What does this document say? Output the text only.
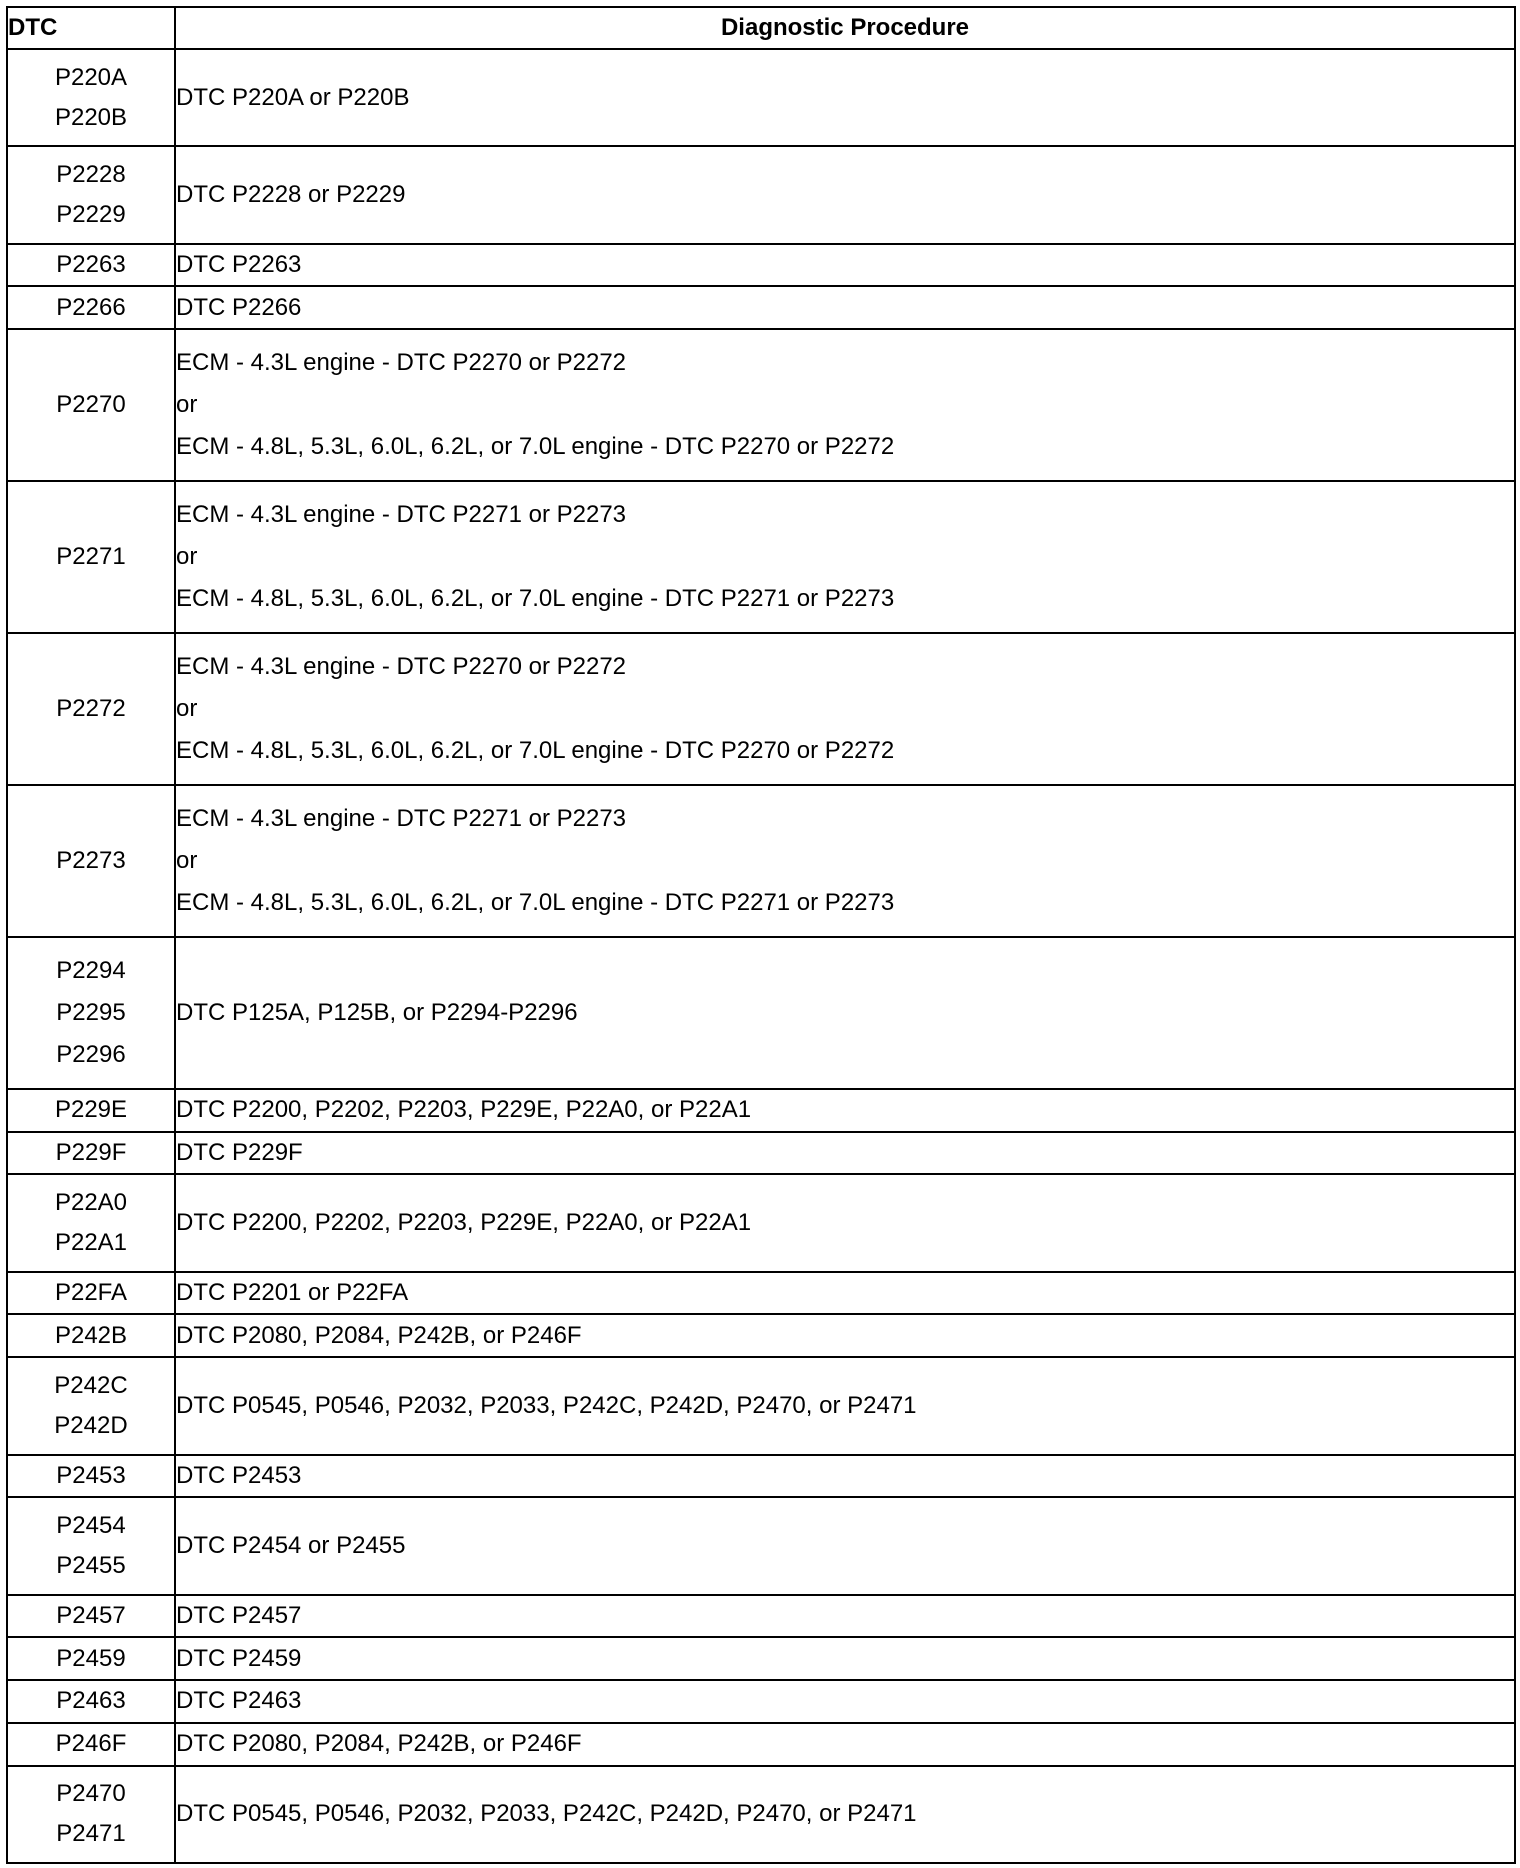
DTC	Diagnostic Procedure

P220A
P220B	DTC P220A or P220B

P2228
P2229	DTC P2228 or P2229

P2263	DTC P2263

P2266	DTC P2266

P2270	ECM - 4.3L engine - DTC P2270 or P2272
or
ECM - 4.8L, 5.3L, 6.0L, 6.2L, or 7.0L engine - DTC P2270 or P2272

P2271	ECM - 4.3L engine - DTC P2271 or P2273
or
ECM - 4.8L, 5.3L, 6.0L, 6.2L, or 7.0L engine - DTC P2271 or P2273

P2272	ECM - 4.3L engine - DTC P2270 or P2272
or
ECM - 4.8L, 5.3L, 6.0L, 6.2L, or 7.0L engine - DTC P2270 or P2272

P2273	ECM - 4.3L engine - DTC P2271 or P2273
or
ECM - 4.8L, 5.3L, 6.0L, 6.2L, or 7.0L engine - DTC P2271 or P2273

P2294
P2295
P2296	DTC P125A, P125B, or P2294-P2296

P229E	DTC P2200, P2202, P2203, P229E, P22A0, or P22A1

P229F	DTC P229F

P22A0
P22A1	DTC P2200, P2202, P2203, P229E, P22A0, or P22A1

P22FA	DTC P2201 or P22FA

P242B	DTC P2080, P2084, P242B, or P246F

P242C
P242D	DTC P0545, P0546, P2032, P2033, P242C, P242D, P2470, or P2471

P2453	DTC P2453

P2454
P2455	DTC P2454 or P2455

P2457	DTC P2457

P2459	DTC P2459

P2463	DTC P2463

P246F	DTC P2080, P2084, P242B, or P246F

P2470
P2471	DTC P0545, P0546, P2032, P2033, P242C, P242D, P2470, or P2471
